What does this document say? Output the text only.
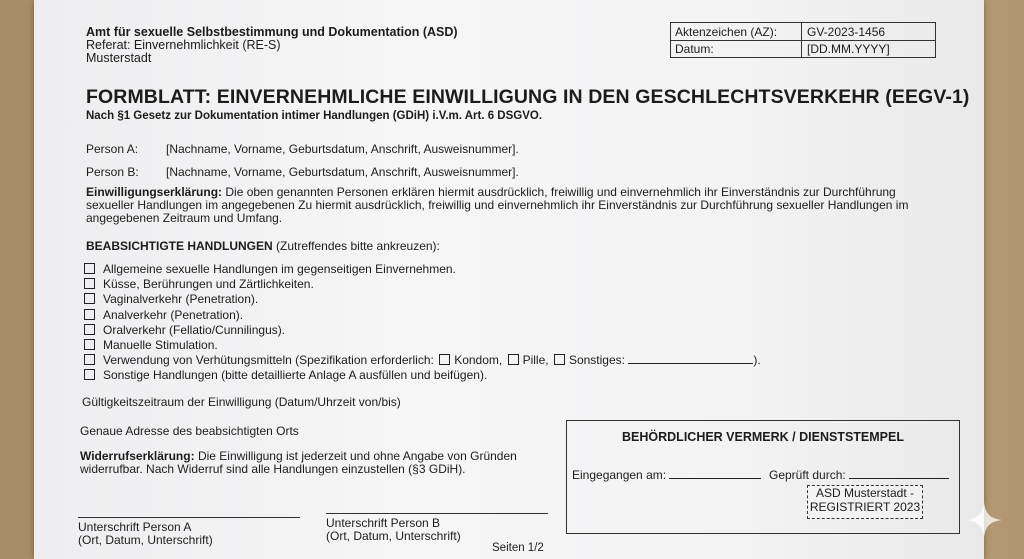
Amt für sexuelle Selbstbestimmung und Dokumentation (ASD)
Referat: Einvernehmlichkeit (RE-S)
Musterstadt
Aktenzeichen (AZ): GV-2023-1456
Datum:	[DD.MM.YYYY]
FORMBLATT: EINVERNEHMLICHE EINWILLIGUNG IN DEN GESCHLECHTSVERKEHR (EEGV-1)
Nach §1 Gesetz zur Dokumentation intimer Handlungen (GDiH) i.V.m. Art. 6 DSGVO.
Person A: [Nachname, Vorname, Geburtsdatum, Anschrift, Ausweisnummer].
Person B: [Nachname, Vorname, Geburtsdatum, Anschrift, Ausweisnummer].
Einwilligungserklärung: Die oben genannten Personen erklären hiermit ausdrücklich, freiwillig und einvernehmlich ihr Einverständnis zur Durchführung sexueller Handlungen im angegebenen Zu hiermit ausdrücklich, freiwillig und einvernehmlich ihr Einverständnis zur Durchführung sexueller Handlungen im angegebenen Zeitraum und Umfang.
BEABSICHTIGTE HANDLUNGEN (Zutreffendes bitte ankreuzen):
Allgemeine sexuelle Handlungen im gegenseitigen Einvernehmen.
Küsse, Berührungen und Zärtlichkeiten.
Vaginalverkehr (Penetration).
Analverkehr (Penetration).
Oralverkehr (Fellatio/Cunnilingus).
Manuelle Stimulation.
Verwendung von Verhütungsmitteln (Spezifikation erforderlich: Kondom, Pille, Sonstiges:	).
Sonstige Handlungen (bitte detaillierte Anlage A ausfüllen und beifügen).
Gültigkeitszeitraum der Einwilligung (Datum/Uhrzeit von/bis)
Genaue Adresse des beabsichtigten Orts
Widerrufserklärung: Die Einwilligung ist jederzeit und ohne Angabe von Gründen widerrufbar. Nach Widerruf sind alle Handlungen einzustellen (§3 GDiH).
BEHÖRDLICHER VERMERK / DIENSTSTEMPEL
Eingegangen am:	Geprüft durch:
ASD Musterstadt -
REGISTRIERT 2023
Unterschrift Person A
(Ort, Datum, Unterschrift)
Unterschrift Person B
(Ort, Datum, Unterschrift)
Seiten 1/2
